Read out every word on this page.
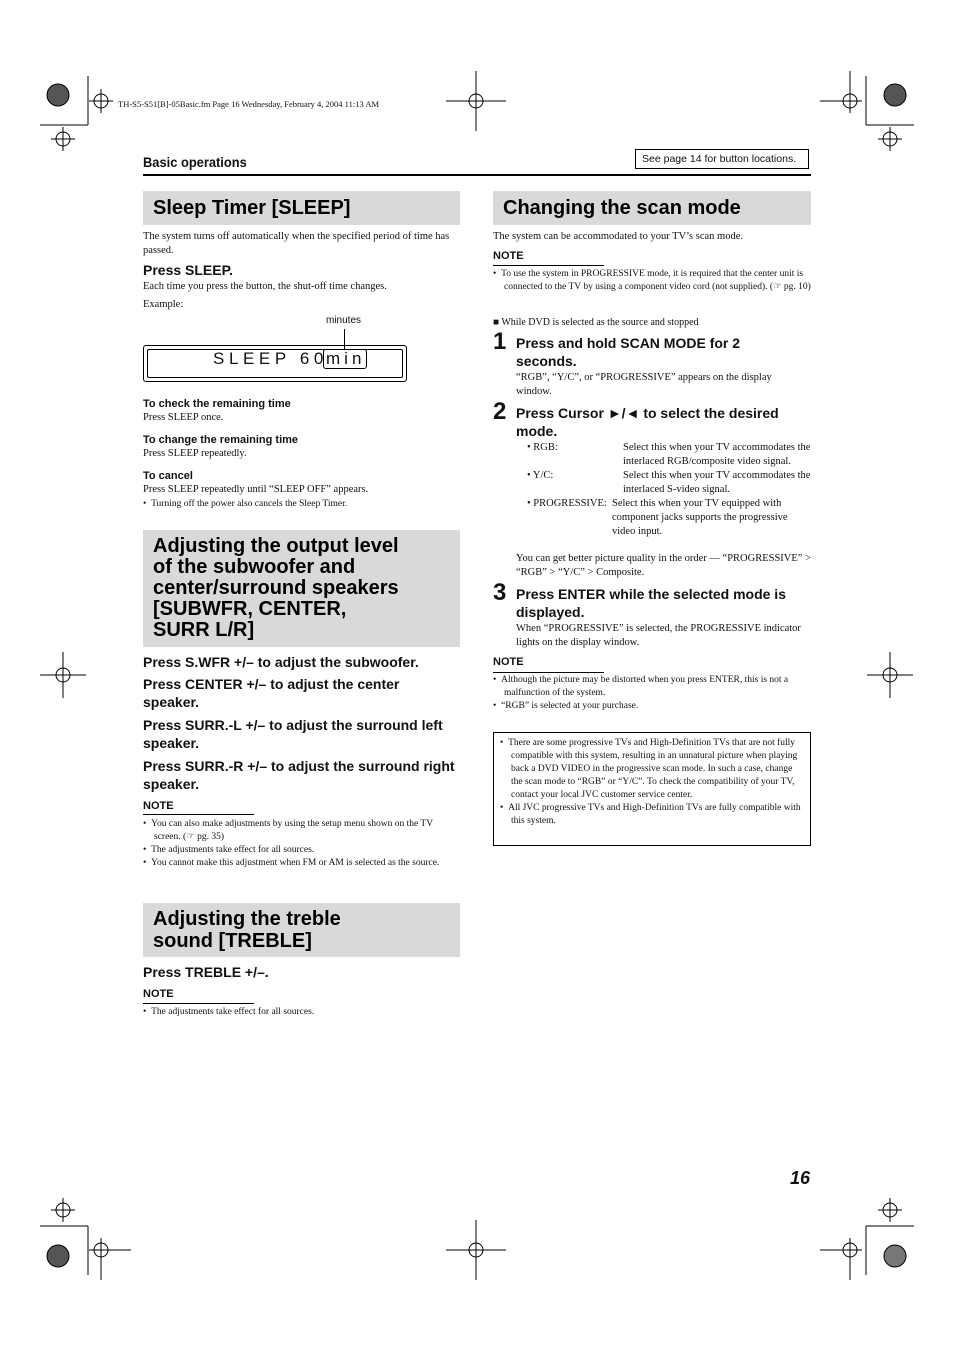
TH-S5-S51[B]-05Basic.fm Page 16 Wednesday, February 4, 2004 11:13 AM
Basic operations	See page 14 for button locations.
Sleep Timer [SLEEP]
The system turns off automatically when the specified period of time has passed.
Press SLEEP.
Each time you press the button, the shut-off time changes.
Example:
minutes
SLEEP 60
min
To check the remaining time
Press SLEEP once.
To change the remaining time
Press SLEEP repeatedly.
To cancel
Press SLEEP repeatedly until “SLEEP OFF” appears.
•  Turning off the power also cancels the Sleep Timer.
Adjusting the output level
of the subwoofer and
center/surround speakers
[SUBWFR, CENTER,
SURR L/R]
Press S.WFR +/– to adjust the subwoofer.
Press CENTER +/– to adjust the center speaker.
Press SURR.-L +/– to adjust the surround left speaker.
Press SURR.-R +/– to adjust the surround right speaker.
NOTE
•  You can also make adjustments by using the setup menu shown on the TV screen. (☞ pg. 35)
•  The adjustments take effect for all sources.
•  You cannot make this adjustment when FM or AM is selected as the source.
Adjusting the treble
sound [TREBLE]
Press TREBLE +/–.
NOTE
•  The adjustments take effect for all sources.
Changing the scan mode
The system can be accommodated to your TV’s scan mode.
NOTE
•  To use the system in PROGRESSIVE mode, it is required that the center unit is connected to the TV by using a component video cord (not supplied). (☞ pg. 10)
■ While DVD is selected as the source and stopped
1 Press and hold SCAN MODE for 2 seconds.
“RGB”, “Y/C”, or “PROGRESSIVE” appears on the display window.
2 Press Cursor ►/◄ to select the desired mode.
• RGB:	Select this when your TV accommodates the interlaced RGB/composite video signal.
• Y/C:	Select this when your TV accommodates the interlaced S-video signal.
• PROGRESSIVE: Select this when your TV equipped with component jacks supports the progressive video input.
You can get better picture quality in the order — “PROGRESSIVE” > “RGB” > “Y/C” > Composite.
3 Press ENTER while the selected mode is displayed.
When “PROGRESSIVE” is selected, the PROGRESSIVE indicator lights on the display window.
NOTE
•  Although the picture may be distorted when you press ENTER, this is not a malfunction of the system.
•  “RGB” is selected at your purchase.
•  There are some progressive TVs and High-Definition TVs that are not fully compatible with this system, resulting in an unnatural picture when playing back a DVD VIDEO in the progressive scan mode. In such a case, change the scan mode to “RGB” or “Y/C”. To check the compatibility of your TV, contact your local JVC customer service center.
•  All JVC progressive TVs and High-Definition TVs are fully compatible with this system.
16
